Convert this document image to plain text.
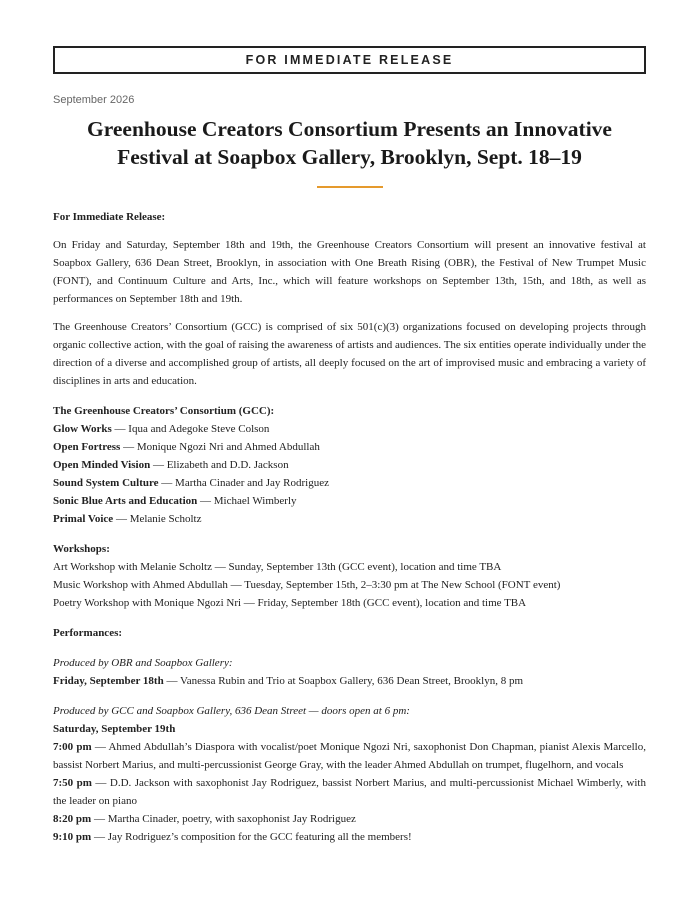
FOR IMMEDIATE RELEASE
September 2026
Greenhouse Creators Consortium Presents an Innovative Festival at Soapbox Gallery, Brooklyn, Sept. 18–19

For Immediate Release:

On Friday and Saturday, September 18th and 19th, the Greenhouse Creators Consortium will present an innovative festival at Soapbox Gallery, 636 Dean Street, Brooklyn, in association with One Breath Rising (OBR), the Festival of New Trumpet Music (FONT), and Continuum Culture and Arts, Inc., which will feature workshops on September 13th, 15th, and 18th, as well as performances on September 18th and 19th.

The Greenhouse Creators’ Consortium (GCC) is comprised of six 501(c)(3) organizations focused on developing projects through organic collective action, with the goal of raising the awareness of artists and audiences. The six entities operate individually under the direction of a diverse and accomplished group of artists, all deeply focused on the art of improvised music and embracing a variety of disciplines in arts and education.

The Greenhouse Creators’ Consortium (GCC):
Glow Works — Iqua and Adegoke Steve Colson
Open Fortress — Monique Ngozi Nri and Ahmed Abdullah
Open Minded Vision — Elizabeth and D.D. Jackson
Sound System Culture — Martha Cinader and Jay Rodriguez
Sonic Blue Arts and Education — Michael Wimberly
Primal Voice — Melanie Scholtz
Workshops:
Art Workshop with Melanie Scholtz — Sunday, September 13th (GCC event), location and time TBA
Music Workshop with Ahmed Abdullah — Tuesday, September 15th, 2–3:30 pm at The New School (FONT event)
Poetry Workshop with Monique Ngozi Nri — Friday, September 18th (GCC event), location and time TBA
Performances:
Produced by OBR and Soapbox Gallery:
Friday, September 18th — Vanessa Rubin and Trio at Soapbox Gallery, 636 Dean Street, Brooklyn, 8 pm
Produced by GCC and Soapbox Gallery, 636 Dean Street — doors open at 6 pm:
Saturday, September 19th

7:00 pm — Ahmed Abdullah’s Diaspora with vocalist/poet Monique Ngozi Nri, saxophonist Don Chapman, pianist Alexis Marcello, bassist Norbert Marius, and multi-percussionist George Gray, with the leader Ahmed Abdullah on trumpet, flugelhorn, and vocals

7:50 pm — D.D. Jackson with saxophonist Jay Rodriguez, bassist Norbert Marius, and multi-percussionist Michael Wimberly, with the leader on piano

8:20 pm — Martha Cinader, poetry, with saxophonist Jay Rodriguez

9:10 pm — Jay Rodriguez’s composition for the GCC featuring all the members!
